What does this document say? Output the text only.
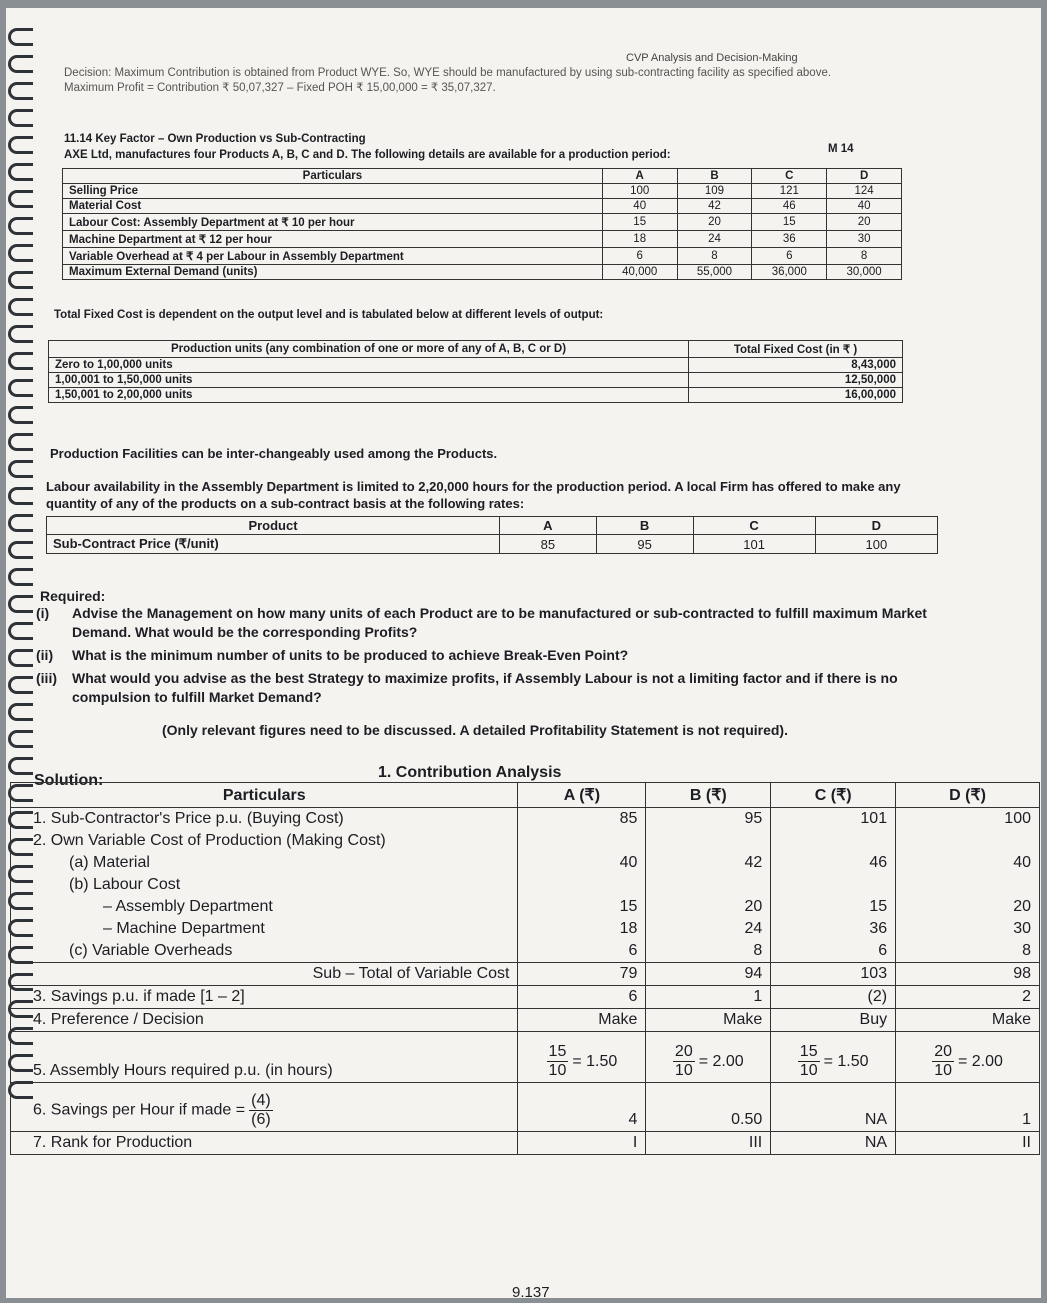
CVP Analysis and Decision-Making
Decision: Maximum Contribution is obtained from Product WYE. So, WYE should be manufactured by using sub-contracting facility as specified above. Maximum Profit = Contribution ₹ 50,07,327 – Fixed POH ₹ 15,00,000 = ₹ 35,07,327.
11.14 Key Factor – Own Production vs Sub-Contracting
M 14
AXE Ltd, manufactures four Products A, B, C and D. The following details are available for a production period:
Particulars	A	B	C	D
Selling Price	100	109	121	124
Material Cost	40	42	46	40
Labour Cost: Assembly Department at ₹ 10 per hour	15	20	15	20
Machine Department at ₹ 12 per hour	18	24	36	30
Variable Overhead at ₹ 4 per Labour in Assembly Department	6	8	6	8
Maximum External Demand (units)	40,000	55,000	36,000	30,000
Total Fixed Cost is dependent on the output level and is tabulated below at different levels of output:
Production units (any combination of one or more of any of A, B, C or D)	Total Fixed Cost (in ₹ )
Zero to 1,00,000 units	8,43,000
1,00,001 to 1,50,000 units	12,50,000
1,50,001 to 2,00,000 units	16,00,000
Production Facilities can be inter-changeably used among the Products.
Labour availability in the Assembly Department is limited to 2,20,000 hours for the production period. A local Firm has offered to make any quantity of any of the products on a sub-contract basis at the following rates:
Product	A	B	C	D
Sub-Contract Price (₹/unit)	85	95	101	100
Required:
(i)	Advise the Management on how many units of each Product are to be manufactured or sub-contracted to fulfill maximum Market Demand. What would be the corresponding Profits?
(ii)	What is the minimum number of units to be produced to achieve Break-Even Point?
(iii)	What would you advise as the best Strategy to maximize profits, if Assembly Labour is not a limiting factor and if there is no compulsion to fulfill Market Demand?
(Only relevant figures need to be discussed. A detailed Profitability Statement is not required).
Solution:	1. Contribution Analysis
Particulars	A (₹)	B (₹)	C (₹)	D (₹)
1. Sub-Contractor's Price p.u. (Buying Cost)	85	95	101	100
2. Own Variable Cost of Production (Making Cost)				
(a) Material	40	42	46	40
(b) Labour Cost				
– Assembly Department	15	20	15	20
– Machine Department	18	24	36	30
(c) Variable Overheads	6	8	6	8
Sub – Total of Variable Cost	79	94	103	98
3. Savings p.u. if made [1 – 2]	6	1	(2)	2
4. Preference / Decision	Make	Make	Buy	Make
5. Assembly Hours required p.u. (in hours)	$\frac{15}{10} = 1.50$	$\frac{20}{10} = 2.00$	$\frac{15}{10} = 1.50$	$\frac{20}{10} = 2.00$
6. Savings per Hour if made = $\frac{(4)}{(6)}$	4	0.50	NA	1
7. Rank for Production	I	III	NA	II
9.137
